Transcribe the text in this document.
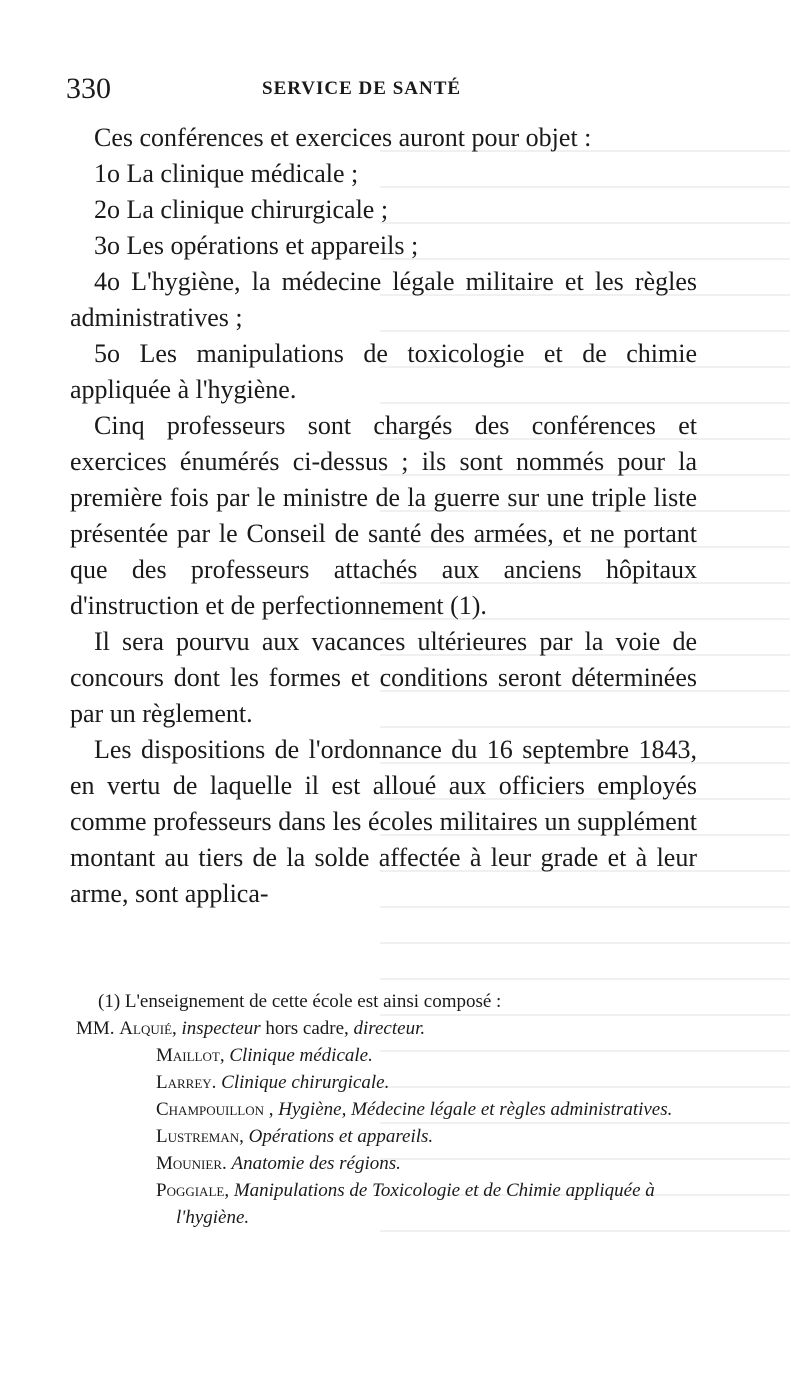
330	SERVICE DE SANTÉ

Ces conférences et exercices auront pour objet :

1o La clinique médicale ;

2o La clinique chirurgicale ;

3o Les opérations et appareils ;

4o L'hygiène, la médecine légale militaire et les règles administratives ;

5o Les manipulations de toxicologie et de chimie appliquée à l'hygiène.

Cinq professeurs sont chargés des conférences et exercices énumérés ci-dessus ; ils sont nommés pour la première fois par le ministre de la guerre sur une triple liste présentée par le Conseil de santé des armées, et ne portant que des professeurs attachés aux anciens hôpitaux d'instruction et de perfectionnement (1).

Il sera pourvu aux vacances ultérieures par la voie de concours dont les formes et conditions seront déterminées par un règlement.

Les dispositions de l'ordonnance du 16 septembre 1843, en vertu de laquelle il est alloué aux officiers employés comme professeurs dans les écoles militaires un supplément montant au tiers de la solde affectée à leur grade et à leur arme, sont applica-

(1) L'enseignement de cette école est ainsi composé :
MM. Alquié, inspecteur hors cadre, directeur.
Maillot, Clinique médicale.
Larrey. Clinique chirurgicale.
Champouillon , Hygiène, Médecine légale et règles administratives.
Lustreman, Opérations et appareils.
Mounier. Anatomie des régions.
Poggiale, Manipulations de Toxicologie et de Chimie appliquée à l'hygiène.
